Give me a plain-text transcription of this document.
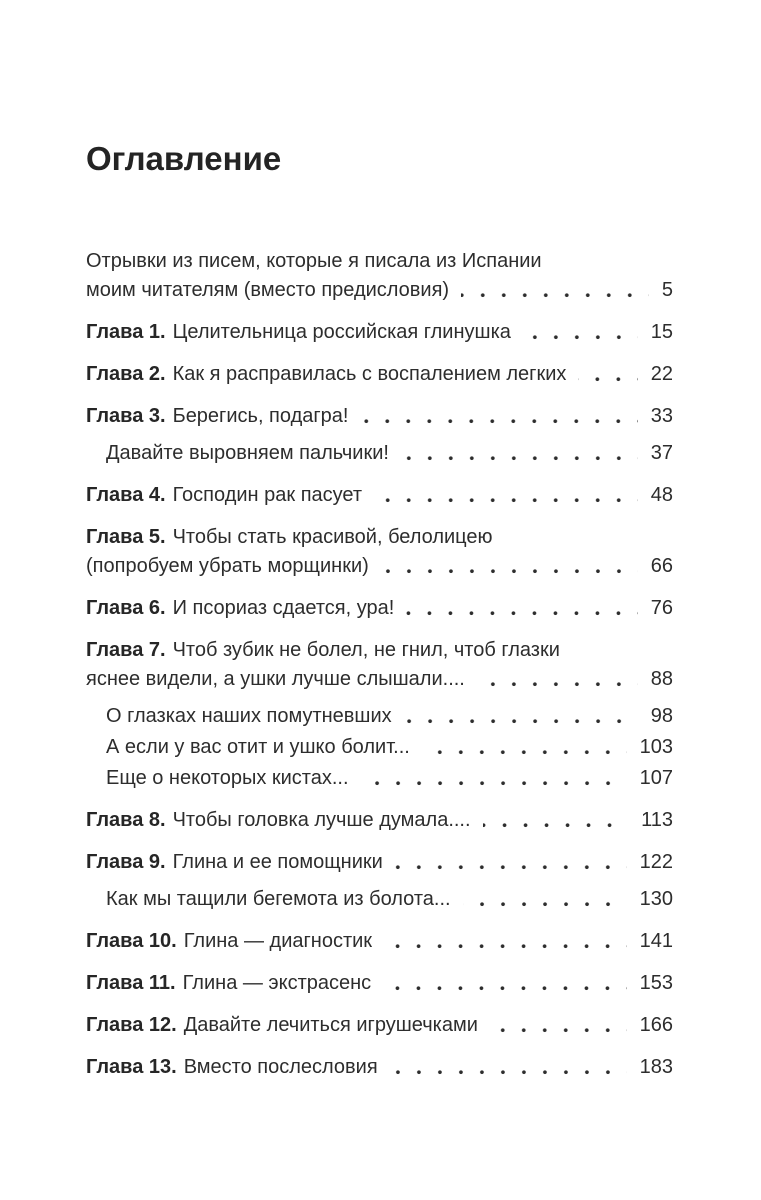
Оглавление
Отрывки из писем, которые я писала из Испании
моим читателям (вместо предисловия)	5
Глава 1. Целительница российская глинушка	15
Глава 2. Как я расправилась с воспалением легких	22
Глава 3. Берегись, подагра!	33
Давайте выровняем пальчики!	37
Глава 4. Господин рак пасует	48
Глава 5. Чтобы стать красивой, белолицею
(попробуем убрать морщинки)	66
Глава 6. И псориаз сдается, ура!	76
Глава 7. Чтоб зубик не болел, не гнил, чтоб глазки
яснее видели, а ушки лучше слышали....	88
О глазках наших помутневших	98
А если у вас отит и ушко болит...	103
Еще о некоторых кистах...	107
Глава 8. Чтобы головка лучше думала....	113
Глава 9. Глина и ее помощники	122
Как мы тащили бегемота из болота...	130
Глава 10. Глина — диагностик	141
Глава 11. Глина — экстрасенс	153
Глава 12. Давайте лечиться игрушечками	166
Глава 13. Вместо послесловия	183
